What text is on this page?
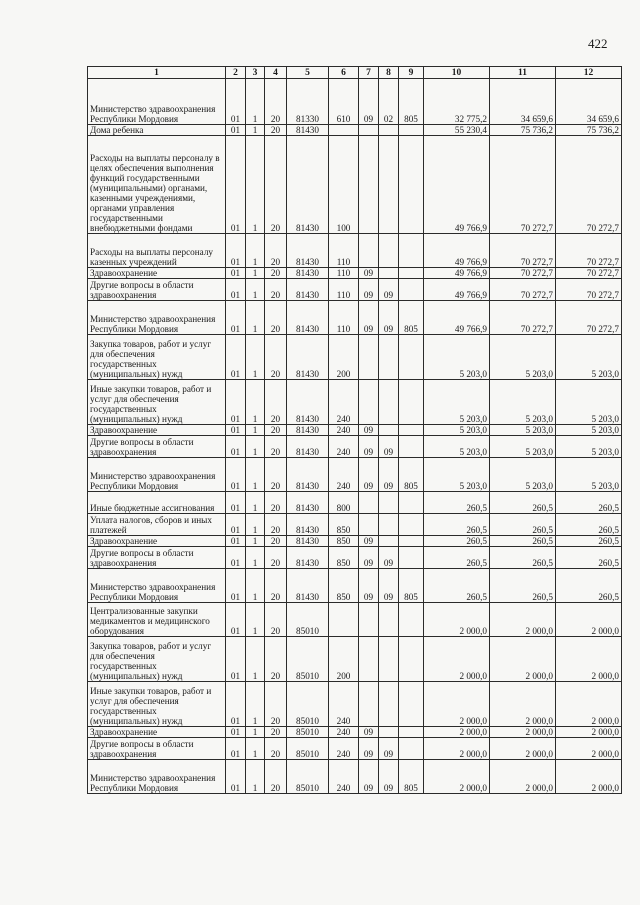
422
1	2	3	4	5	6	7	8	9	10	11	12
Министерство здравоохранения Республики Мордовия	01	1	20	81330	610	09	02	805	32 775,2	34 659,6	34 659,6
Дома ребенка	01	1	20	81430					55 230,4	75 736,2	75 736,2
Расходы на выплаты персоналу в целях обеспечения выполнения функций государственными (муниципальными) органами, казенными учреждениями, органами управления государственными внебюджетными фондами	01	1	20	81430	100				49 766,9	70 272,7	70 272,7
Расходы на выплаты персоналу казенных учреждений	01	1	20	81430	110				49 766,9	70 272,7	70 272,7
Здравоохранение	01	1	20	81430	110	09			49 766,9	70 272,7	70 272,7
Другие вопросы в области здравоохранения	01	1	20	81430	110	09	09		49 766,9	70 272,7	70 272,7
Министерство здравоохранения Республики Мордовия	01	1	20	81430	110	09	09	805	49 766,9	70 272,7	70 272,7
Закупка товаров, работ и услуг для обеспечения государственных (муниципальных) нужд	01	1	20	81430	200				5 203,0	5 203,0	5 203,0
Иные закупки товаров, работ и услуг для обеспечения государственных (муниципальных) нужд	01	1	20	81430	240				5 203,0	5 203,0	5 203,0
Здравоохранение	01	1	20	81430	240	09			5 203,0	5 203,0	5 203,0
Другие вопросы в области здравоохранения	01	1	20	81430	240	09	09		5 203,0	5 203,0	5 203,0
Министерство здравоохранения Республики Мордовия	01	1	20	81430	240	09	09	805	5 203,0	5 203,0	5 203,0
Иные бюджетные ассигнования	01	1	20	81430	800				260,5	260,5	260,5
Уплата налогов, сборов и иных платежей	01	1	20	81430	850				260,5	260,5	260,5
Здравоохранение	01	1	20	81430	850	09			260,5	260,5	260,5
Другие вопросы в области здравоохранения	01	1	20	81430	850	09	09		260,5	260,5	260,5
Министерство здравоохранения Республики Мордовия	01	1	20	81430	850	09	09	805	260,5	260,5	260,5
Централизованные закупки медикаментов и медицинского оборудования	01	1	20	85010					2 000,0	2 000,0	2 000,0
Закупка товаров, работ и услуг для обеспечения государственных (муниципальных) нужд	01	1	20	85010	200				2 000,0	2 000,0	2 000,0
Иные закупки товаров, работ и услуг для обеспечения государственных (муниципальных) нужд	01	1	20	85010	240				2 000,0	2 000,0	2 000,0
Здравоохранение	01	1	20	85010	240	09			2 000,0	2 000,0	2 000,0
Другие вопросы в области здравоохранения	01	1	20	85010	240	09	09		2 000,0	2 000,0	2 000,0
Министерство здравоохранения Республики Мордовия	01	1	20	85010	240	09	09	805	2 000,0	2 000,0	2 000,0
